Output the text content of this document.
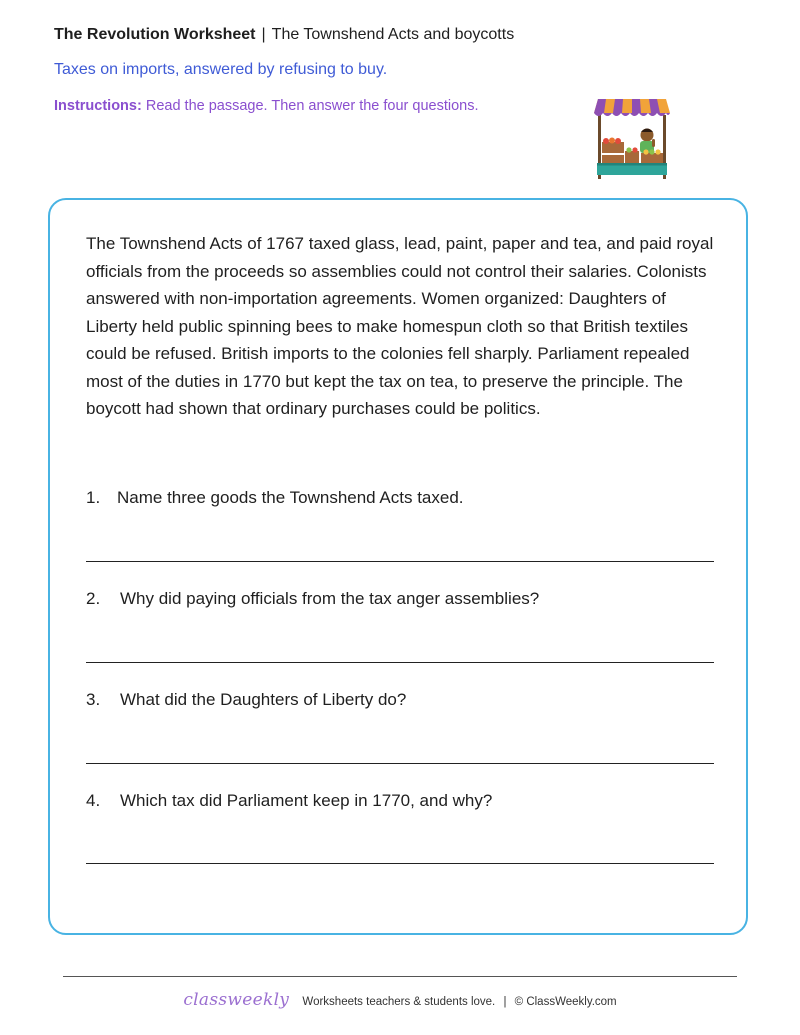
The Revolution Worksheet | The Townshend Acts and boycotts
Taxes on imports, answered by refusing to buy.
Instructions: Read the passage. Then answer the four questions.
The Townshend Acts of 1767 taxed glass, lead, paint, paper and tea, and paid royal officials from the proceeds so assemblies could not control their salaries. Colonists answered with non-importation agreements. Women organized: Daughters of Liberty held public spinning bees to make homespun cloth so that British textiles could be refused. British imports to the colonies fell sharply. Parliament repealed most of the duties in 1770 but kept the tax on tea, to preserve the principle. The boycott had shown that ordinary purchases could be politics.
1. Name three goods the Townshend Acts taxed.
2. Why did paying officials from the tax anger assemblies?
3. What did the Daughters of Liberty do?
4. Which tax did Parliament keep in 1770, and why?
classweekly Worksheets teachers & students love. | © ClassWeekly.com
